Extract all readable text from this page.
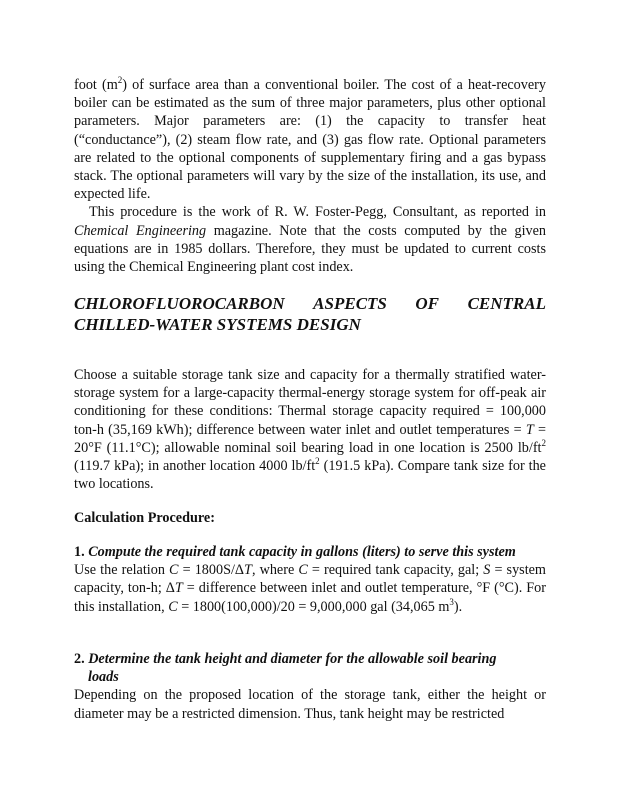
foot $(m^2)$ of surface area than a conventional boiler. The cost of a heat-recovery boiler can be estimated as the sum of three major parameters, plus other optional parameters. Major parameters are: (1) the capacity to transfer heat (“conductance”), (2) steam flow rate, and (3) gas flow rate. Optional parameters are related to the optional components of supplementary firing and a gas bypass stack. The optional parameters will vary by the size of the installation, its use, and expected life.

This procedure is the work of R. W. Foster-Pegg, Consultant, as reported in Chemical Engineering magazine. Note that the costs computed by the given equations are in 1985 dollars. Therefore, they must be updated to current costs using the Chemical Engineering plant cost index.

CHLOROFLUOROCARBON ASPECTS OF CENTRAL
CHILLED-WATER SYSTEMS DESIGN

Choose a suitable storage tank size and capacity for a thermally stratified water-storage system for a large-capacity thermal-energy storage system for off-peak air conditioning for these conditions: Thermal storage capacity required = 100,000 ton-h (35,169 kWh); difference between water inlet and outlet temperatures = T = 20°F (11.1°C); allowable nominal soil bearing load in one location is 2500 $lb/ft^2$ (119.7 kPa); in another location 4000 $lb/ft^2$ (191.5 kPa). Compare tank size for the two locations.

Calculation Procedure:

1. Compute the required tank capacity in gallons (liters) to serve this system

Use the relation C = 1800S/ΔT, where C = required tank capacity, gal; S = system capacity, ton-h; ΔT = difference between inlet and outlet temperature, °F (°C). For this installation, C = 1800(100,000)/20 = 9,000,000 gal (34,065 $m^3$).

2. Determine the tank height and diameter for the allowable soil bearing
loads

Depending on the proposed location of the storage tank, either the height or diameter may be a restricted dimension. Thus, tank height may be restricted
